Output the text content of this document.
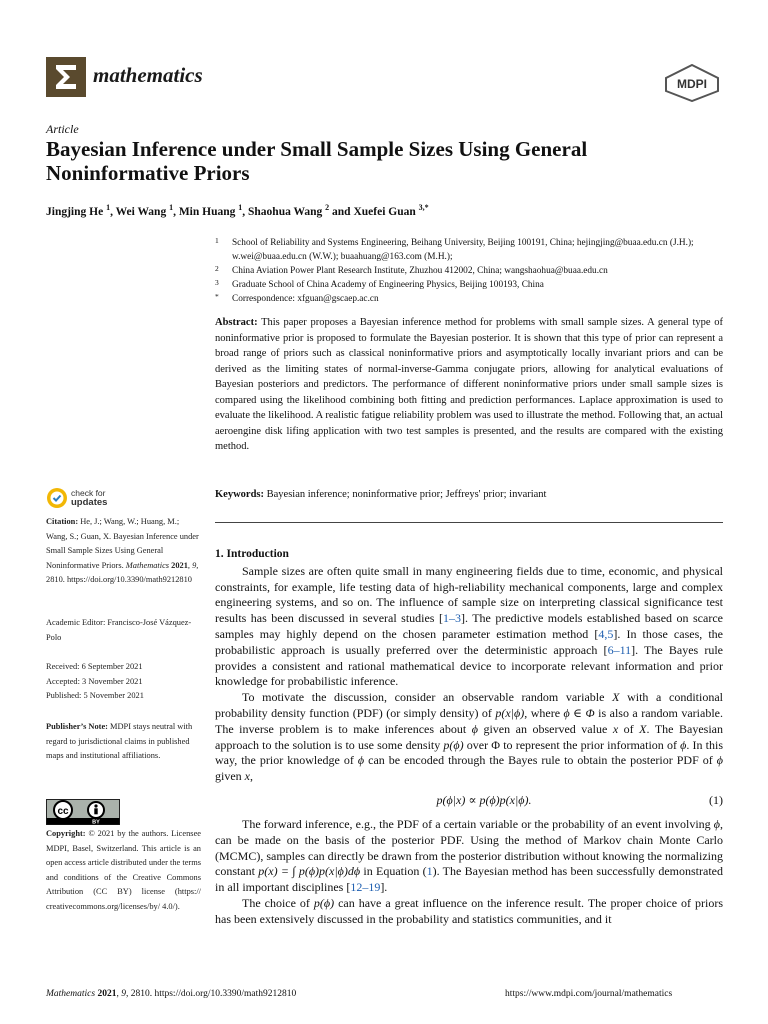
mathematics	MDPI
Article
Bayesian Inference under Small Sample Sizes Using General Noninformative Priors
Jingjing He $^1$, Wei Wang $^1$, Min Huang $^1$, Shaohua Wang $^2$ and Xuefei Guan $^{3,*}$
1	School of Reliability and Systems Engineering, Beihang University, Beijing 100191, China; hejingjing@buaa.edu.cn (J.H.); w.wei@buaa.edu.cn (W.W.); buaahuang@163.com (M.H.);
2	China Aviation Power Plant Research Institute, Zhuzhou 412002, China; wangshaohua@buaa.edu.cn
3	Graduate School of China Academy of Engineering Physics, Beijing 100193, China
*	Correspondence: xfguan@gscaep.ac.cn
Abstract: This paper proposes a Bayesian inference method for problems with small sample sizes. A general type of noninformative prior is proposed to formulate the Bayesian posterior. It is shown that this type of prior can represent a broad range of priors such as classical noninformative priors and asymptotically locally invariant priors and can be derived as the limiting states of normal-inverse-Gamma conjugate priors, allowing for analytical evaluations of Bayesian posteriors and predictors. The performance of different noninformative priors under small sample sizes is compared using the likelihood combining both fitting and prediction performances. Laplace approximation is used to evaluate the likelihood. A realistic fatigue reliability problem was used to illustrate the method. Following that, an actual aeroengine disk lifing application with two test samples is presented, and the results are compared with the existing method.
Keywords: Bayesian inference; noninformative prior; Jeffreys' prior; invariant
check for
updates
Citation: He, J.; Wang, W.; Huang, M.; Wang, S.; Guan, X. Bayesian Inference under Small Sample Sizes Using General Noninformative Priors. Mathematics 2021, 9, 2810. https://doi.org/10.3390/math9212810
Academic Editor: Francisco-José Vázquez-Polo
Received: 6 September 2021
Accepted: 3 November 2021
Published: 5 November 2021
Publisher’s Note: MDPI stays neutral with regard to jurisdictional claims in published maps and institutional affiliations.
cc
BY
Copyright: © 2021 by the authors. Licensee MDPI, Basel, Switzerland. This article is an open access article distributed under the terms and conditions of the Creative Commons Attribution (CC BY) license (https:// creativecommons.org/licenses/by/ 4.0/).
1. Introduction

Sample sizes are often quite small in many engineering fields due to time, economic, and physical constraints, for example, life testing data of high-reliability mechanical components, large and complex engineering systems, and so on. The influence of sample size on interpreting classical significance test results has been discussed in several studies [1–3]. The predictive models established based on scarce samples may highly depend on the chosen parameter estimation method [4,5]. In those cases, the probabilistic approach is usually preferred over the deterministic approach [6–11]. The Bayes rule provides a consistent and rational mathematical device to incorporate relevant information and prior knowledge for probabilistic inference.

To motivate the discussion, consider an observable random variable X with a conditional probability density function (PDF) (or simply density) of p(x|ϕ), where ϕ ∈ Φ is also a random variable. The inverse problem is to make inferences about ϕ given an observed value x of X. The Bayesian approach to the solution is to use some density p(ϕ) over Φ to represent the prior information of ϕ. In this way, the prior knowledge of ϕ can be encoded through the Bayes rule to obtain the posterior PDF of ϕ given x,

p(ϕ|x) ∝ p(ϕ)p(x|ϕ).	(1)

The forward inference, e.g., the PDF of a certain variable or the probability of an event involving ϕ, can be made on the basis of the posterior PDF. Using the method of Markov chain Monte Carlo (MCMC), samples can directly be drawn from the posterior distribution without knowing the normalizing constant p(x) = ∫ p(ϕ)p(x|ϕ)dϕ in Equation (1). The Bayesian method has been successfully demonstrated in all important disciplines [12–19].

The choice of p(ϕ) can have a great influence on the inference result. The proper choice of priors has been extensively discussed in the probability and statistics communities, and it

Mathematics 2021, 9, 2810. https://doi.org/10.3390/math9212810	https://www.mdpi.com/journal/mathematics
